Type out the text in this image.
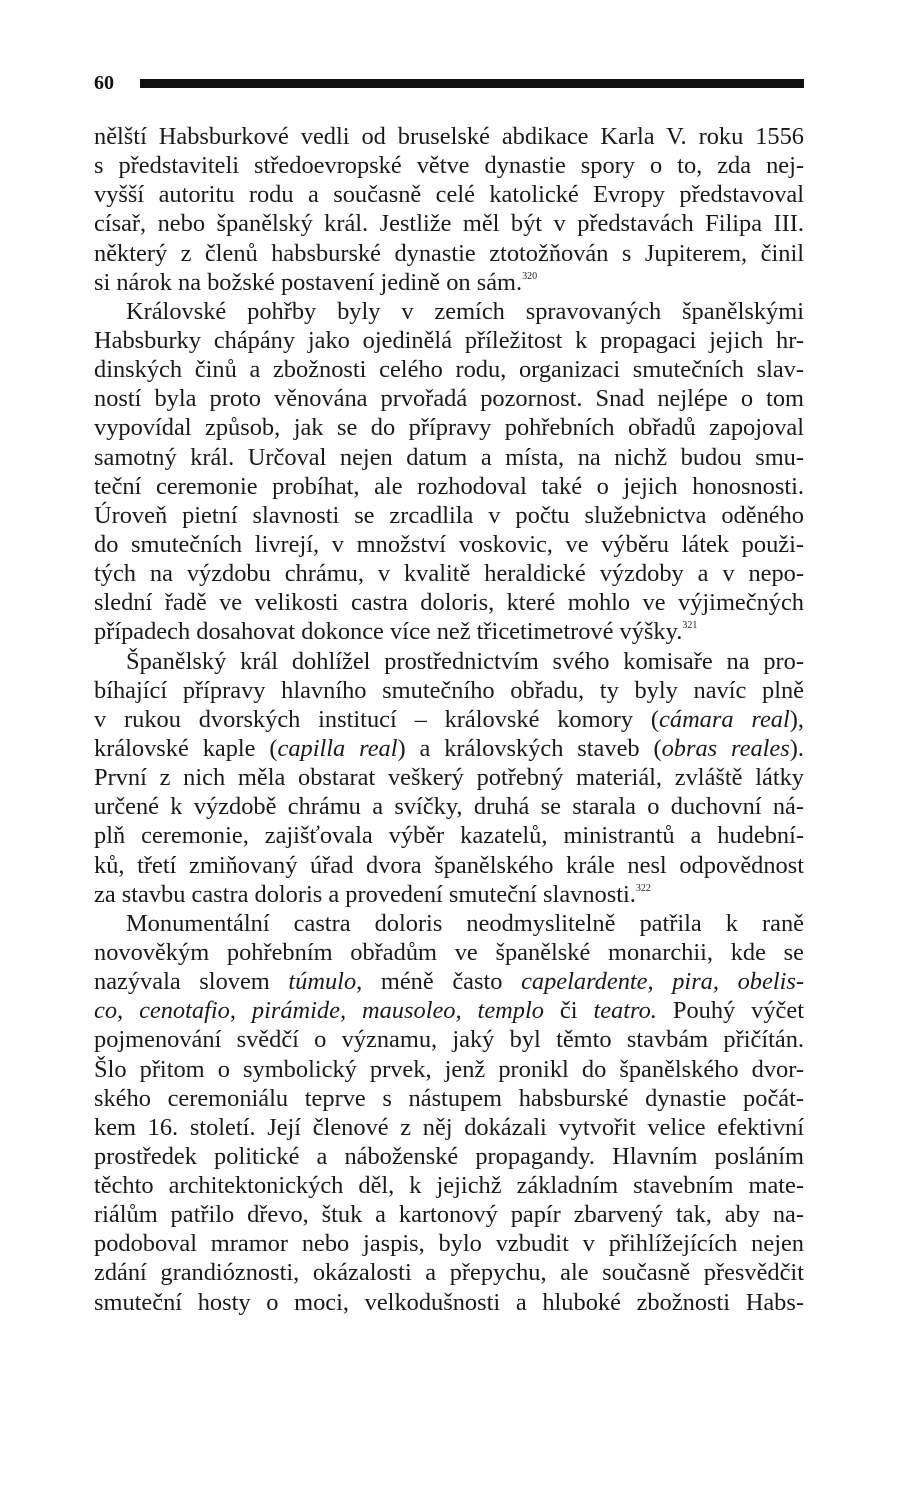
60
nělští Habsburkové vedli od bruselské abdikace Karla V. roku 1556
s představiteli středoevropské větve dynastie spory o to, zda nej-
vyšší autoritu rodu a současně celé katolické Evropy představoval
císař, nebo španělský král. Jestliže měl být v představách Filipa III.
některý z členů habsburské dynastie ztotožňován s Jupiterem, činil
si nárok na božské postavení jedině on sám.$^{320}$
Královské pohřby byly v zemích spravovaných španělskými
Habsburky chápány jako ojedinělá příležitost k propagaci jejich hr-
dinských činů a zbožnosti celého rodu, organizaci smutečních slav-
ností byla proto věnována prvořadá pozornost. Snad nejlépe o tom
vypovídal způsob, jak se do přípravy pohřebních obřadů zapojoval
samotný král. Určoval nejen datum a místa, na nichž budou smu-
teční ceremonie probíhat, ale rozhodoval také o jejich honosnosti.
Úroveň pietní slavnosti se zrcadlila v počtu služebnictva oděného
do smutečních livrejí, v množství voskovic, ve výběru látek použi-
tých na výzdobu chrámu, v kvalitě heraldické výzdoby a v nepo-
slední řadě ve velikosti castra doloris, které mohlo ve výjimečných
případech dosahovat dokonce více než třicetimetrové výšky.$^{321}$
Španělský král dohlížel prostřednictvím svého komisaře na pro-
bíhající přípravy hlavního smutečního obřadu, ty byly navíc plně
v rukou dvorských institucí – královské komory (cámara real),
královské kaple (capilla real) a královských staveb (obras reales).
První z nich měla obstarat veškerý potřebný materiál, zvláště látky
určené k výzdobě chrámu a svíčky, druhá se starala o duchovní ná-
plň ceremonie, zajišťovala výběr kazatelů, ministrantů a hudební-
ků, třetí zmiňovaný úřad dvora španělského krále nesl odpovědnost
za stavbu castra doloris a provedení smuteční slavnosti.$^{322}$
Monumentální castra doloris neodmyslitelně patřila k raně
novověkým pohřebním obřadům ve španělské monarchii, kde se
nazývala slovem túmulo, méně často capelardente, pira, obelis-
co, cenotafio, pirámide, mausoleo, templo či teatro. Pouhý výčet
pojmenování svědčí o významu, jaký byl těmto stavbám přičítán.
Šlo přitom o symbolický prvek, jenž pronikl do španělského dvor-
ského ceremoniálu teprve s nástupem habsburské dynastie počát-
kem 16. století. Její členové z něj dokázali vytvořit velice efektivní
prostředek politické a náboženské propagandy. Hlavním posláním
těchto architektonických děl, k jejichž základním stavebním mate-
riálům patřilo dřevo, štuk a kartonový papír zbarvený tak, aby na-
podoboval mramor nebo jaspis, bylo vzbudit v přihlížejících nejen
zdání grandióznosti, okázalosti a přepychu, ale současně přesvědčit
smuteční hosty o moci, velkodušnosti a hluboké zbožnosti Habs-
